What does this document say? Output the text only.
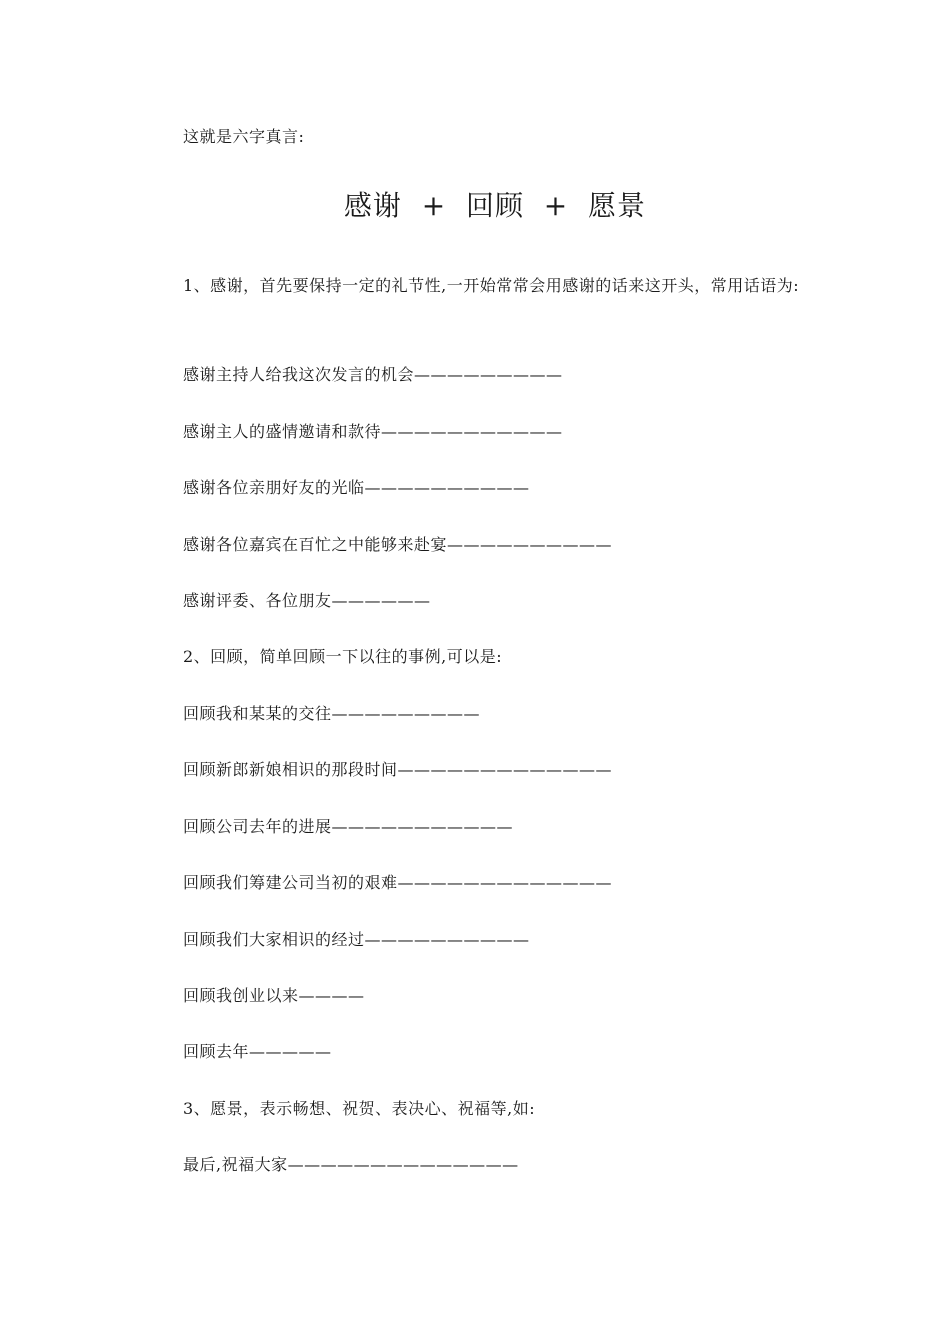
这就是六字真言:
感谢  +  回顾  +  愿景
1、感谢，首先要保持一定的礼节性,一开始常常会用感谢的话来这开头，常用话语为:
感谢主持人给我这次发言的机会—————————
感谢主人的盛情邀请和款待———————————
感谢各位亲朋好友的光临——————————
感谢各位嘉宾在百忙之中能够来赴宴——————————
感谢评委、各位朋友——————
2、回顾，简单回顾一下以往的事例,可以是:
回顾我和某某的交往—————————
回顾新郎新娘相识的那段时间—————————————
回顾公司去年的进展———————————
回顾我们筹建公司当初的艰难—————————————
回顾我们大家相识的经过——————————
回顾我创业以来————
回顾去年—————
3、愿景，表示畅想、祝贺、表决心、祝福等,如:
最后,祝福大家——————————————
